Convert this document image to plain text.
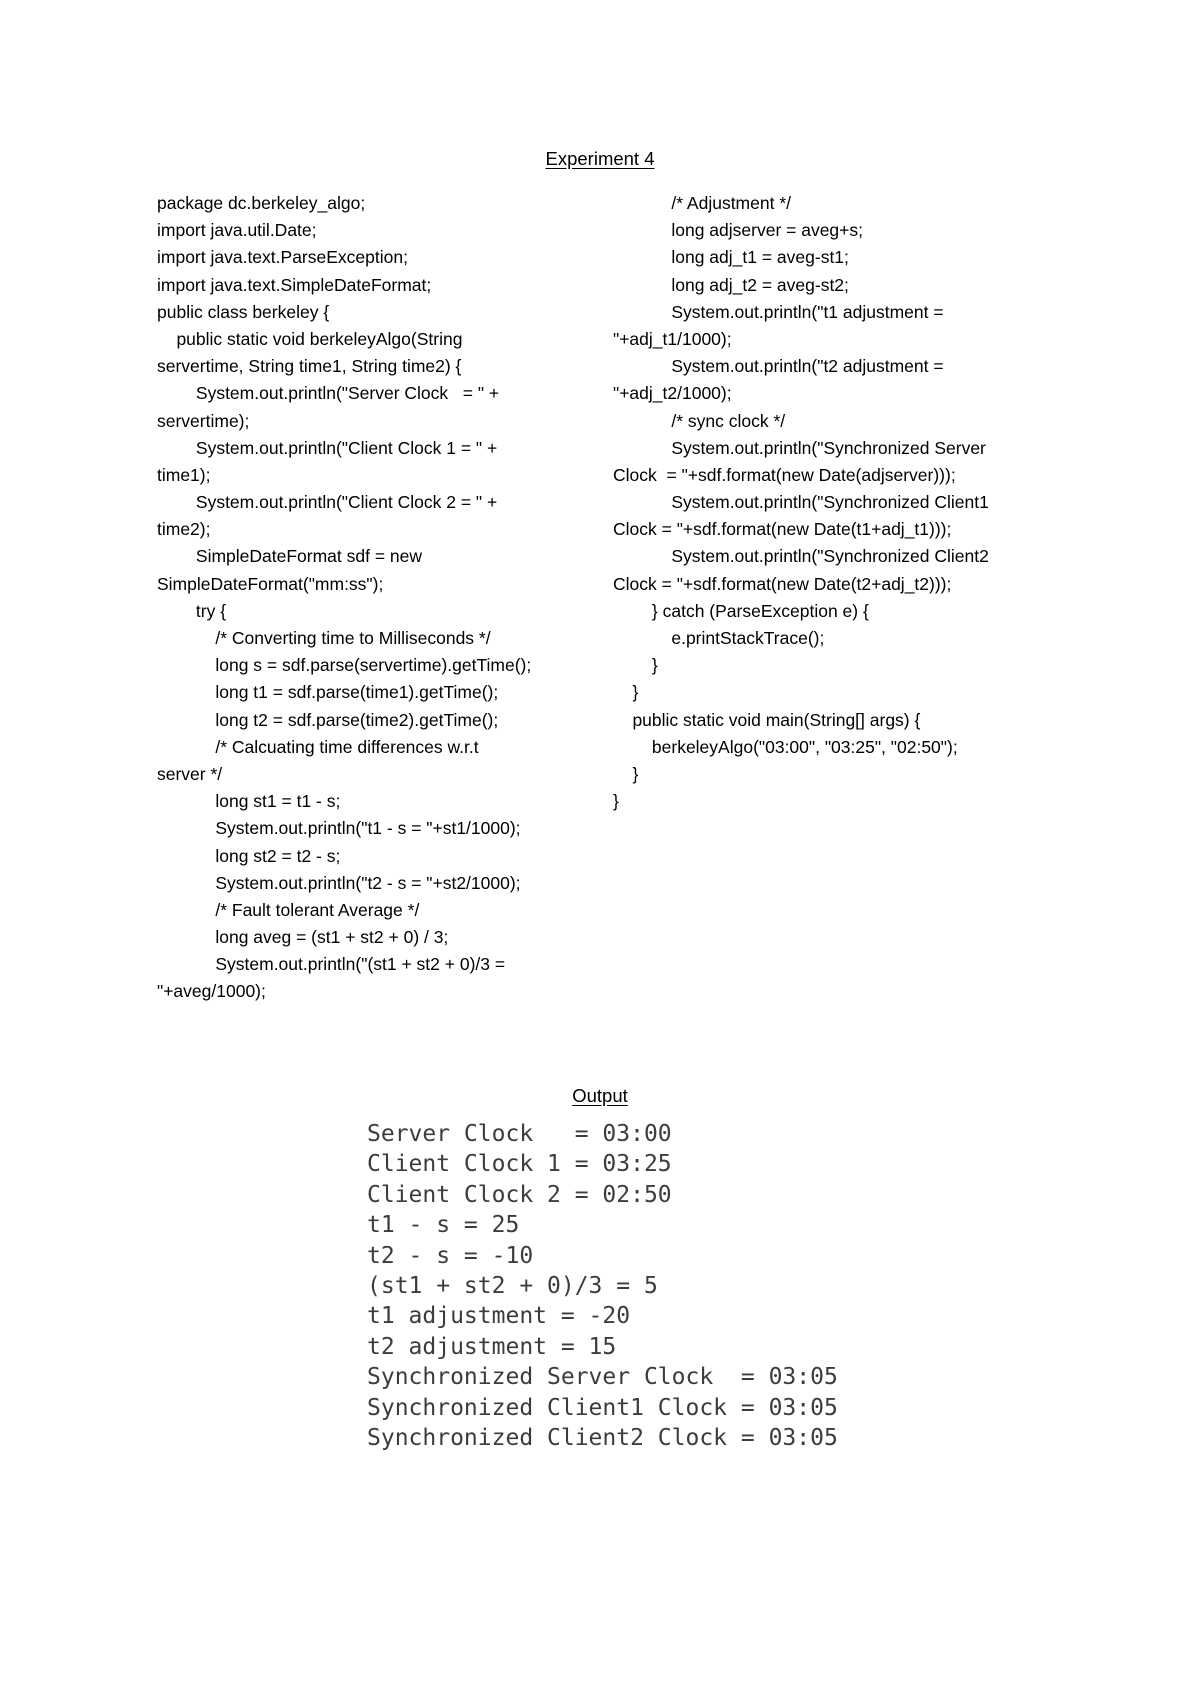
Experiment 4
package dc.berkeley_algo;
import java.util.Date;
import java.text.ParseException;
import java.text.SimpleDateFormat;
public class berkeley {
public static void berkeleyAlgo(String
servertime, String time1, String time2) {
System.out.println("Server Clock   = " +
servertime);
System.out.println("Client Clock 1 = " +
time1);
System.out.println("Client Clock 2 = " +
time2);
SimpleDateFormat sdf = new
SimpleDateFormat("mm:ss");
try {
/* Converting time to Milliseconds */
long s = sdf.parse(servertime).getTime();
long t1 = sdf.parse(time1).getTime();
long t2 = sdf.parse(time2).getTime();
/* Calcuating time differences w.r.t
server */
long st1 = t1 - s;
System.out.println("t1 - s = "+st1/1000);
long st2 = t2 - s;
System.out.println("t2 - s = "+st2/1000);
/* Fault tolerant Average */
long aveg = (st1 + st2 + 0) / 3;
System.out.println("(st1 + st2 + 0)/3 =
"+aveg/1000);
/* Adjustment */
long adjserver = aveg+s;
long adj_t1 = aveg-st1;
long adj_t2 = aveg-st2;
System.out.println("t1 adjustment =
"+adj_t1/1000);
System.out.println("t2 adjustment =
"+adj_t2/1000);
/* sync clock */
System.out.println("Synchronized Server
Clock  = "+sdf.format(new Date(adjserver)));
System.out.println("Synchronized Client1
Clock = "+sdf.format(new Date(t1+adj_t1)));
System.out.println("Synchronized Client2
Clock = "+sdf.format(new Date(t2+adj_t2)));
} catch (ParseException e) {
e.printStackTrace();
}
}
public static void main(String[] args) {
berkeleyAlgo("03:00", "03:25", "02:50");
}
}
Output
Server Clock   = 03:00
Client Clock 1 = 03:25
Client Clock 2 = 02:50
t1 - s = 25
t2 - s = -10
(st1 + st2 + 0)/3 = 5
t1 adjustment = -20
t2 adjustment = 15
Synchronized Server Clock  = 03:05
Synchronized Client1 Clock = 03:05
Synchronized Client2 Clock = 03:05
